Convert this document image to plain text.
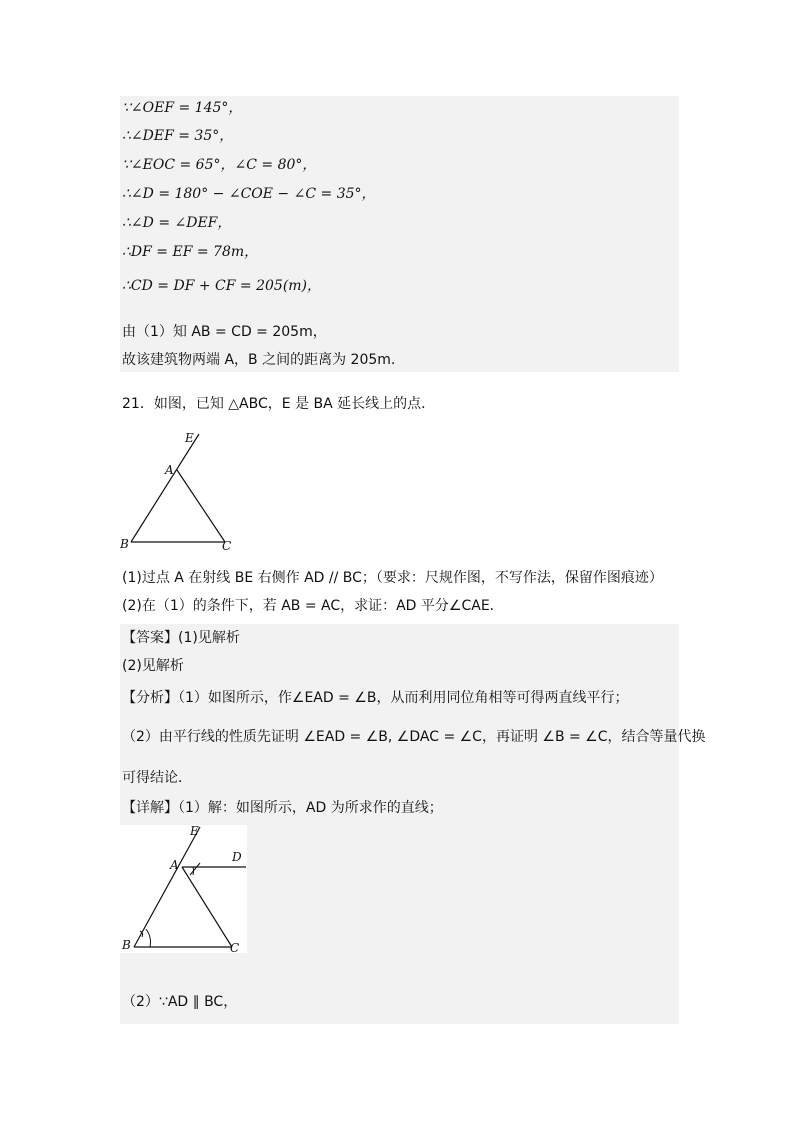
∵∠OEF = 145°，
∴∠DEF = 35°，
∵∠EOC = 65°，∠C = 80°，
∴∠D = 180° − ∠COE − ∠C = 35°，
∴∠D = ∠DEF，
∴DF = EF = 78m，
∴CD = DF + CF = 205(m)，
由（1）知 AB = CD = 205m，
故该建筑物两端 A，B 之间的距离为 205m.
21．如图，已知 △ABC，E 是 BA 延长线上的点．
E
A
B	C
(1)过点 A 在射线 BE 右侧作 AD // BC；（要求：尺规作图，不写作法，保留作图痕迹）
(2)在（1）的条件下，若 AB = AC，求证：AD 平分∠CAE．
【答案】(1)见解析
(2)见解析
【分析】（1）如图所示，作∠EAD = ∠B，从而利用同位角相等可得两直线平行；
（2）由平行线的性质先证明 ∠EAD = ∠B, ∠DAC = ∠C，再证明 ∠B = ∠C，结合等量代换
可得结论．
【详解】（1）解：如图所示，AD 为所求作的直线；
E
A
D
B	C
（2）∵AD ∥ BC，
